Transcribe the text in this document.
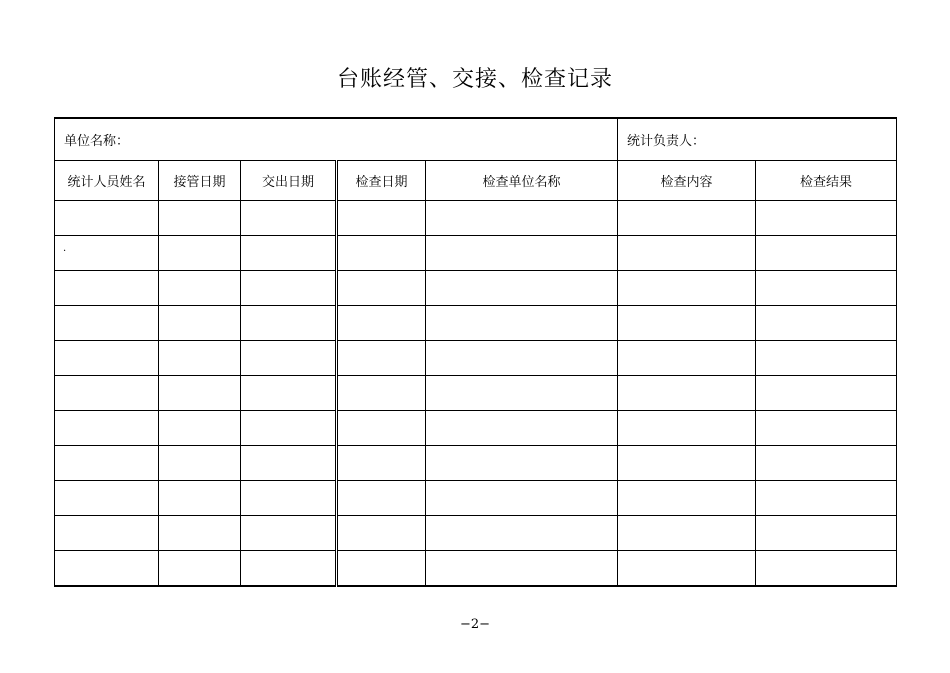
台账经管、交接、检查记录
单位名称：					统计负责人：	
统计人员姓名	接管日期	交出日期	检查日期	检查单位名称	检查内容	检查结果

.						

−2−
